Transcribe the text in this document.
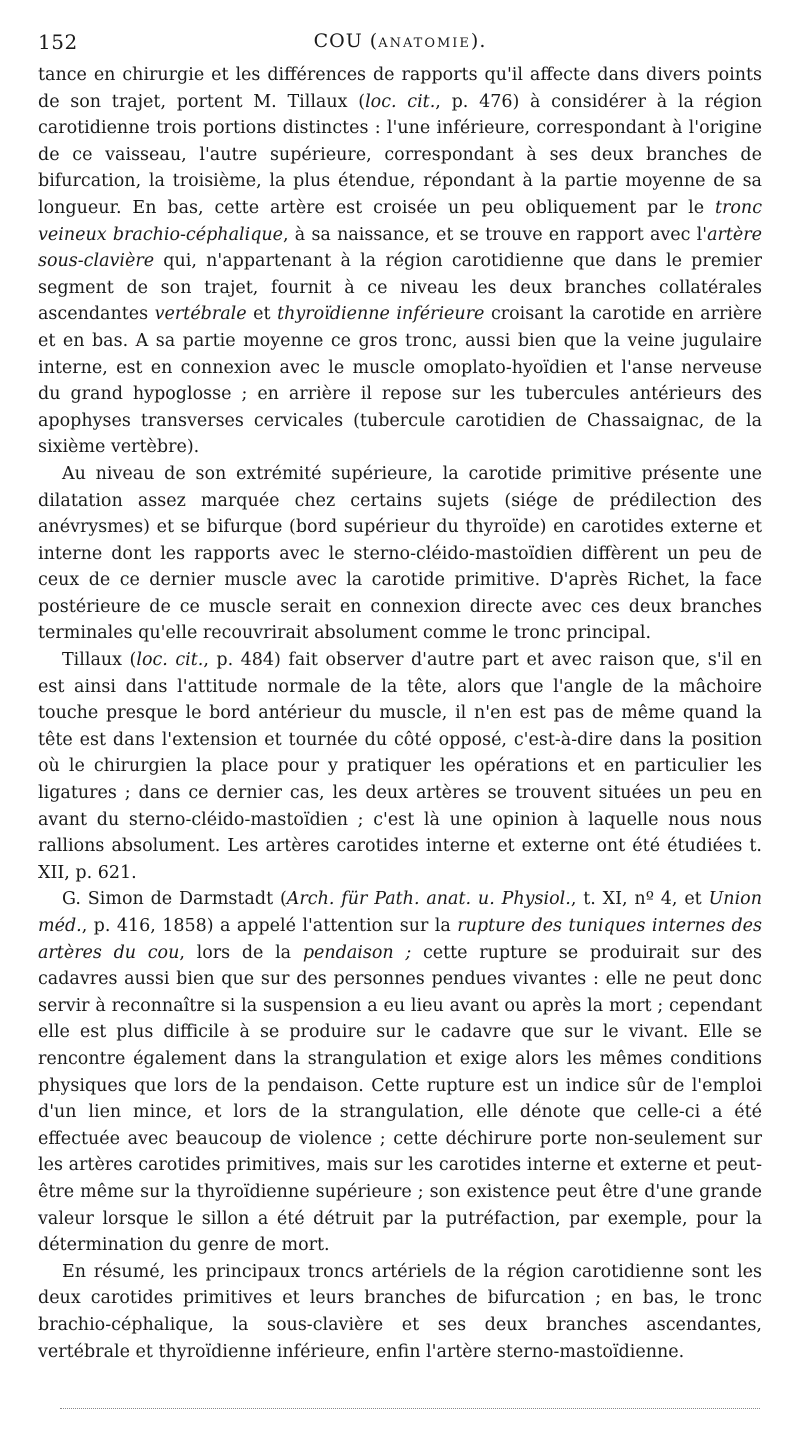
152	COU (ANATOMIE).

tance en chirurgie et les différences de rapports qu'il affecte dans divers points de son trajet, portent M. Tillaux (loc. cit., p. 476) à considérer à la région carotidienne trois portions distinctes : l'une inférieure, correspondant à l'origine de ce vaisseau, l'autre supérieure, correspondant à ses deux branches de bifurcation, la troisième, la plus étendue, répondant à la partie moyenne de sa longueur. En bas, cette artère est croisée un peu obliquement par le tronc veineux brachio-céphalique, à sa naissance, et se trouve en rapport avec l'artère sous-clavière qui, n'appartenant à la région carotidienne que dans le premier segment de son trajet, fournit à ce niveau les deux branches collatérales ascendantes vertébrale et thyroïdienne inférieure croisant la carotide en arrière et en bas. A sa partie moyenne ce gros tronc, aussi bien que la veine jugulaire interne, est en connexion avec le muscle omoplato-hyoïdien et l'anse nerveuse du grand hypoglosse ; en arrière il repose sur les tubercules antérieurs des apophyses transverses cervicales (tubercule carotidien de Chassaignac, de la sixième vertèbre).

Au niveau de son extrémité supérieure, la carotide primitive présente une dilatation assez marquée chez certains sujets (siége de prédilection des anévrysmes) et se bifurque (bord supérieur du thyroïde) en carotides externe et interne dont les rapports avec le sterno-cléido-mastoïdien diffèrent un peu de ceux de ce dernier muscle avec la carotide primitive. D'après Richet, la face postérieure de ce muscle serait en connexion directe avec ces deux branches terminales qu'elle recouvrirait absolument comme le tronc principal.

Tillaux (loc. cit., p. 484) fait observer d'autre part et avec raison que, s'il en est ainsi dans l'attitude normale de la tête, alors que l'angle de la mâchoire touche presque le bord antérieur du muscle, il n'en est pas de même quand la tête est dans l'extension et tournée du côté opposé, c'est-à-dire dans la position où le chirurgien la place pour y pratiquer les opérations et en particulier les ligatures ; dans ce dernier cas, les deux artères se trouvent situées un peu en avant du sterno-cléido-mastoïdien ; c'est là une opinion à laquelle nous nous rallions absolument. Les artères carotides interne et externe ont été étudiées t. XII, p. 621.

G. Simon de Darmstadt (Arch. für Path. anat. u. Physiol., t. XI, nº 4, et Union méd., p. 416, 1858) a appelé l'attention sur la rupture des tuniques internes des artères du cou, lors de la pendaison ; cette rupture se produirait sur des cadavres aussi bien que sur des personnes pendues vivantes : elle ne peut donc servir à reconnaître si la suspension a eu lieu avant ou après la mort ; cependant elle est plus difficile à se produire sur le cadavre que sur le vivant. Elle se rencontre également dans la strangulation et exige alors les mêmes conditions physiques que lors de la pendaison. Cette rupture est un indice sûr de l'emploi d'un lien mince, et lors de la strangulation, elle dénote que celle-ci a été effectuée avec beaucoup de violence ; cette déchirure porte non-seulement sur les artères carotides primitives, mais sur les carotides interne et externe et peut-être même sur la thyroïdienne supérieure ; son existence peut être d'une grande valeur lorsque le sillon a été détruit par la putréfaction, par exemple, pour la détermination du genre de mort.

En résumé, les principaux troncs artériels de la région carotidienne sont les deux carotides primitives et leurs branches de bifurcation ; en bas, le tronc brachio-céphalique, la sous-clavière et ses deux branches ascendantes, vertébrale et thyroïdienne inférieure, enfin l'artère sterno-mastoïdienne.
